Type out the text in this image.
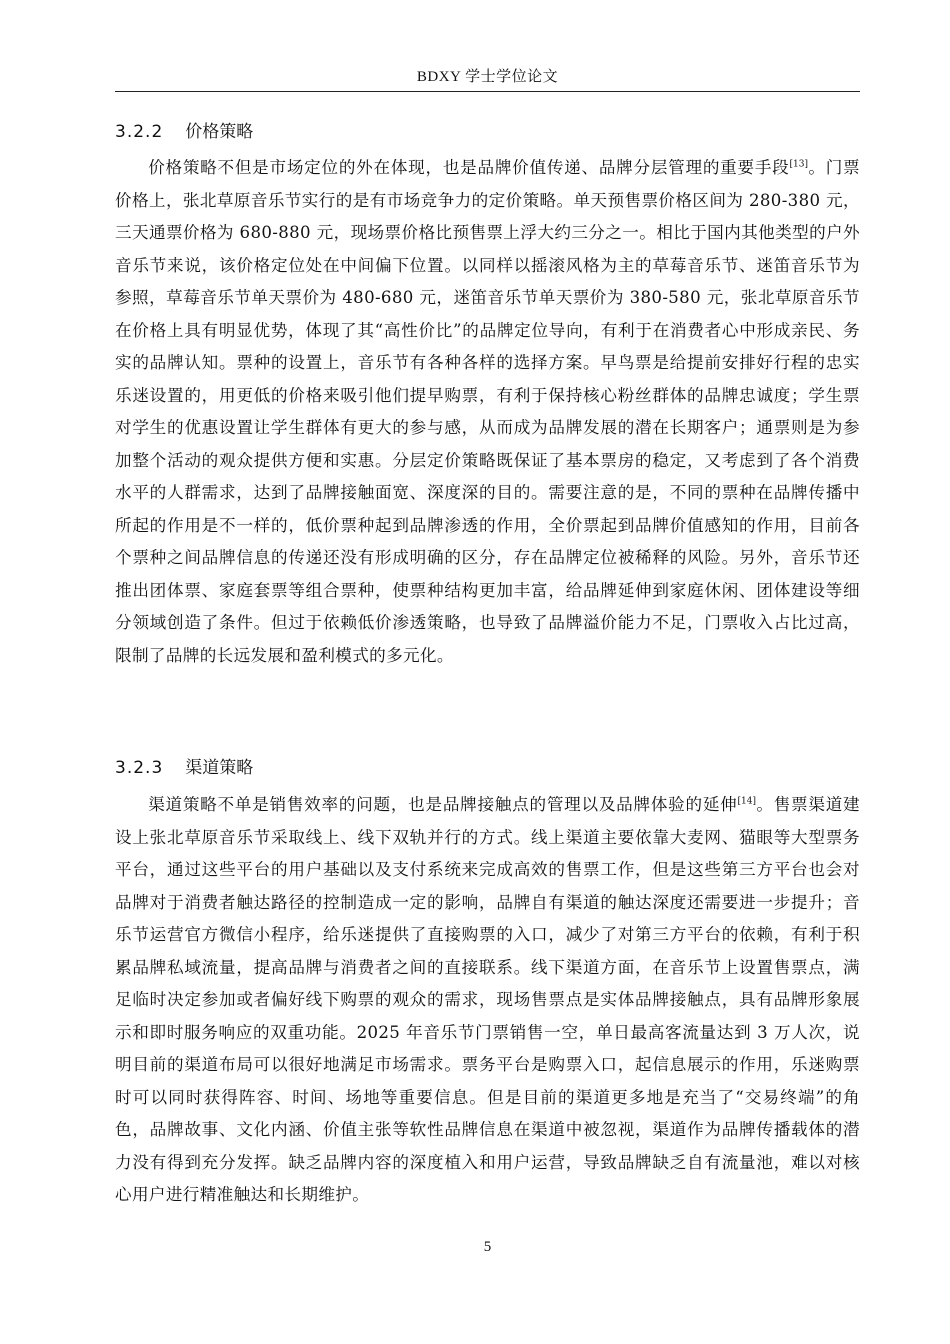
BDXY 学士学位论文
3.2.2 价格策略

价格策略不但是市场定位的外在体现，也是品牌价值传递、品牌分层管理的重要手段[13]。门票价格上，张北草原音乐节实行的是有市场竞争力的定价策略。单天预售票价格区间为 280-380 元，三天通票价格为 680-880 元，现场票价格比预售票上浮大约三分之一。相比于国内其他类型的户外音乐节来说，该价格定位处在中间偏下位置。以同样以摇滚风格为主的草莓音乐节、迷笛音乐节为参照，草莓音乐节单天票价为 480-680 元，迷笛音乐节单天票价为 380-580 元，张北草原音乐节在价格上具有明显优势，体现了其“高性价比”的品牌定位导向，有利于在消费者心中形成亲民、务实的品牌认知。票种的设置上，音乐节有各种各样的选择方案。早鸟票是给提前安排好行程的忠实乐迷设置的，用更低的价格来吸引他们提早购票，有利于保持核心粉丝群体的品牌忠诚度；学生票对学生的优惠设置让学生群体有更大的参与感，从而成为品牌发展的潜在长期客户；通票则是为参加整个活动的观众提供方便和实惠。分层定价策略既保证了基本票房的稳定，又考虑到了各个消费水平的人群需求，达到了品牌接触面宽、深度深的目的。需要注意的是，不同的票种在品牌传播中所起的作用是不一样的，低价票种起到品牌渗透的作用，全价票起到品牌价值感知的作用，目前各个票种之间品牌信息的传递还没有形成明确的区分，存在品牌定位被稀释的风险。另外，音乐节还推出团体票、家庭套票等组合票种，使票种结构更加丰富，给品牌延伸到家庭休闲、团体建设等细分领域创造了条件。但过于依赖低价渗透策略，也导致了品牌溢价能力不足，门票收入占比过高，限制了品牌的长远发展和盈利模式的多元化。

3.2.3 渠道策略

渠道策略不单是销售效率的问题，也是品牌接触点的管理以及品牌体验的延伸[14]。售票渠道建设上张北草原音乐节采取线上、线下双轨并行的方式。线上渠道主要依靠大麦网、猫眼等大型票务平台，通过这些平台的用户基础以及支付系统来完成高效的售票工作，但是这些第三方平台也会对品牌对于消费者触达路径的控制造成一定的影响，品牌自有渠道的触达深度还需要进一步提升；音乐节运营官方微信小程序，给乐迷提供了直接购票的入口，减少了对第三方平台的依赖，有利于积累品牌私域流量，提高品牌与消费者之间的直接联系。线下渠道方面，在音乐节上设置售票点，满足临时决定参加或者偏好线下购票的观众的需求，现场售票点是实体品牌接触点，具有品牌形象展示和即时服务响应的双重功能。2025 年音乐节门票销售一空，单日最高客流量达到 3 万人次，说明目前的渠道布局可以很好地满足市场需求。票务平台是购票入口，起信息展示的作用，乐迷购票时可以同时获得阵容、时间、场地等重要信息。但是目前的渠道更多地是充当了“交易终端”的角色，品牌故事、文化内涵、价值主张等软性品牌信息在渠道中被忽视，渠道作为品牌传播载体的潜力没有得到充分发挥。缺乏品牌内容的深度植入和用户运营，导致品牌缺乏自有流量池，难以对核心用户进行精准触达和长期维护。

5
